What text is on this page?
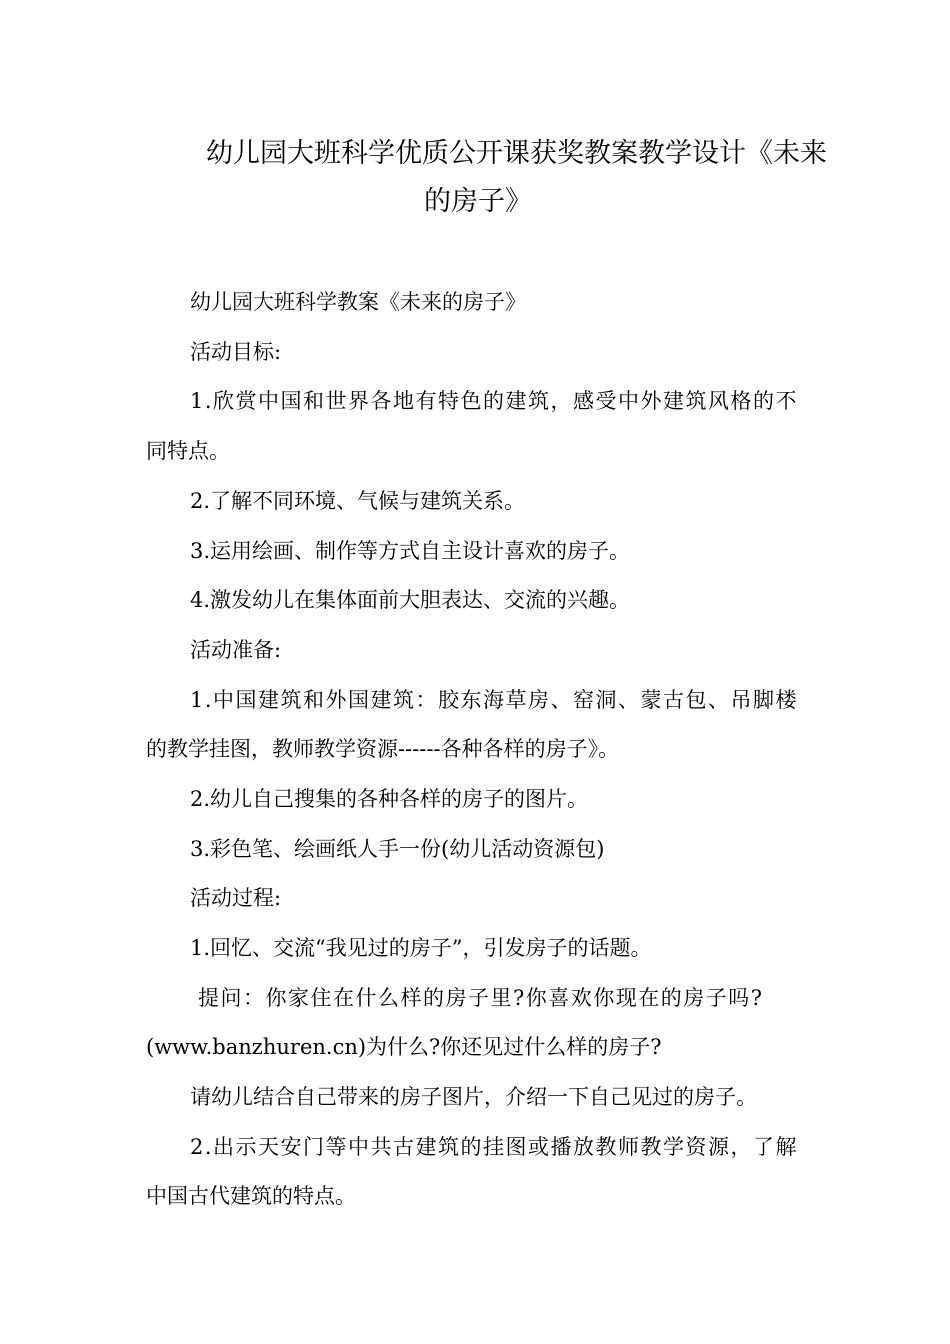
幼儿园大班科学优质公开课获奖教案教学设计《未来
的房子》
幼儿园大班科学教案《未来的房子》
活动目标:
1.欣赏中国和世界各地有特色的建筑，感受中外建筑风格的不
同特点。
2.了解不同环境、气候与建筑关系。
3.运用绘画、制作等方式自主设计喜欢的房子。
4.激发幼儿在集体面前大胆表达、交流的兴趣。
活动准备:
1.中国建筑和外国建筑：胶东海草房、窑洞、蒙古包、吊脚楼
的教学挂图，教师教学资源------各种各样的房子》。
2.幼儿自己搜集的各种各样的房子的图片。
3.彩色笔、绘画纸人手一份(幼儿活动资源包)
活动过程:
1.回忆、交流“我见过的房子”，引发房子的话题。
提问：你家住在什么样的房子里?你喜欢你现在的房子吗?
(www.banzhuren.cn)为什么?你还见过什么样的房子?
请幼儿结合自己带来的房子图片，介绍一下自己见过的房子。
2.出示天安门等中共古建筑的挂图或播放教师教学资源，了解
中国古代建筑的特点。
